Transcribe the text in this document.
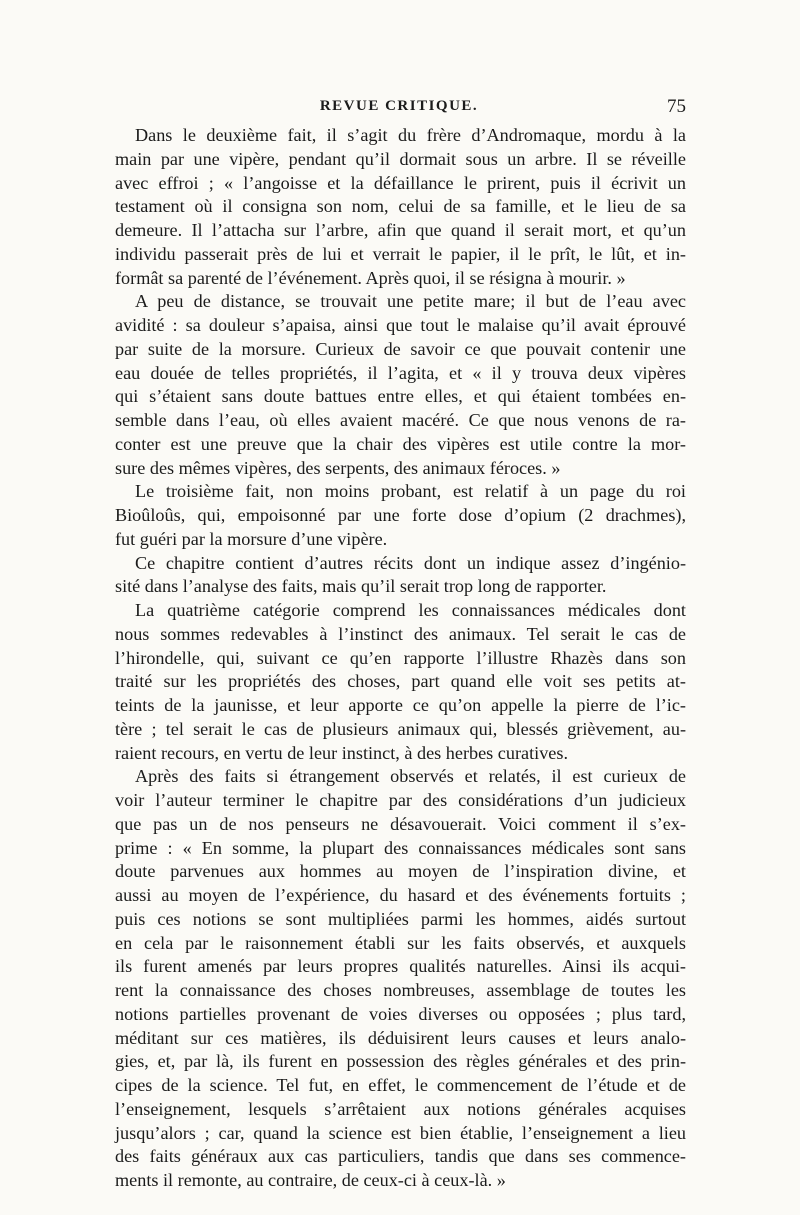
REVUE CRITIQUE.	75
Dans le deuxième fait, il s’agit du frère d’Andromaque, mordu à la
main par une vipère, pendant qu’il dormait sous un arbre. Il se réveille
avec effroi ; « l’angoisse et la défaillance le prirent, puis il écrivit un
testament où il consigna son nom, celui de sa famille, et le lieu de sa
demeure. Il l’attacha sur l’arbre, afin que quand il serait mort, et qu’un
individu passerait près de lui et verrait le papier, il le prît, le lût, et in-
formât sa parenté de l’événement. Après quoi, il se résigna à mourir. »
A peu de distance, se trouvait une petite mare; il but de l’eau avec
avidité : sa douleur s’apaisa, ainsi que tout le malaise qu’il avait éprouvé
par suite de la morsure. Curieux de savoir ce que pouvait contenir une
eau douée de telles propriétés, il l’agita, et « il y trouva deux vipères
qui s’étaient sans doute battues entre elles, et qui étaient tombées en-
semble dans l’eau, où elles avaient macéré. Ce que nous venons de ra-
conter est une preuve que la chair des vipères est utile contre la mor-
sure des mêmes vipères, des serpents, des animaux féroces. »
Le troisième fait, non moins probant, est relatif à un page du roi
Bioûloûs, qui, empoisonné par une forte dose d’opium (2 drachmes),
fut guéri par la morsure d’une vipère.
Ce chapitre contient d’autres récits dont un indique assez d’ingénio-
sité dans l’analyse des faits, mais qu’il serait trop long de rapporter.
La quatrième catégorie comprend les connaissances médicales dont
nous sommes redevables à l’instinct des animaux. Tel serait le cas de
l’hirondelle, qui, suivant ce qu’en rapporte l’illustre Rhazès dans son
traité sur les propriétés des choses, part quand elle voit ses petits at-
teints de la jaunisse, et leur apporte ce qu’on appelle la pierre de l’ic-
tère ; tel serait le cas de plusieurs animaux qui, blessés grièvement, au-
raient recours, en vertu de leur instinct, à des herbes curatives.
Après des faits si étrangement observés et relatés, il est curieux de
voir l’auteur terminer le chapitre par des considérations d’un judicieux
que pas un de nos penseurs ne désavouerait. Voici comment il s’ex-
prime : « En somme, la plupart des connaissances médicales sont sans
doute parvenues aux hommes au moyen de l’inspiration divine, et
aussi au moyen de l’expérience, du hasard et des événements fortuits ;
puis ces notions se sont multipliées parmi les hommes, aidés surtout
en cela par le raisonnement établi sur les faits observés, et auxquels
ils furent amenés par leurs propres qualités naturelles. Ainsi ils acqui-
rent la connaissance des choses nombreuses, assemblage de toutes les
notions partielles provenant de voies diverses ou opposées ; plus tard,
méditant sur ces matières, ils déduisirent leurs causes et leurs analo-
gies, et, par là, ils furent en possession des règles générales et des prin-
cipes de la science. Tel fut, en effet, le commencement de l’étude et de
l’enseignement, lesquels s’arrêtaient aux notions générales acquises
jusqu’alors ; car, quand la science est bien établie, l’enseignement a lieu
des faits généraux aux cas particuliers, tandis que dans ses commence-
ments il remonte, au contraire, de ceux-ci à ceux-là. »
